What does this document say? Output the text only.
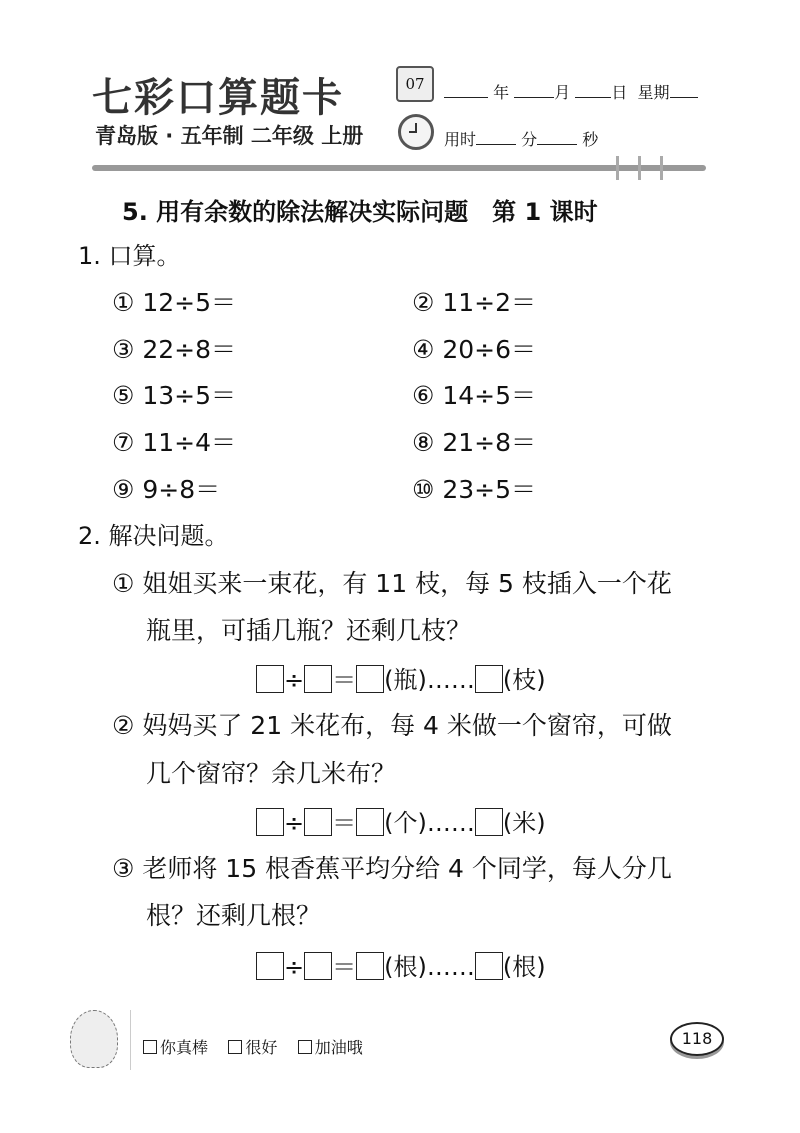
七彩口算题卡
青岛版 · 五年制 二年级 上册
07	年	月	日 星期
用时	分	秒
5. 用有余数的除法解决实际问题　第 1 课时
1. 口算。
① 12÷5＝	② 11÷2＝
③ 22÷8＝	④ 20÷6＝
⑤ 13÷5＝	⑥ 14÷5＝
⑦ 11÷4＝	⑧ 21÷8＝
⑨ 9÷8＝	⑩ 23÷5＝
2. 解决问题。
① 姐姐买来一束花，有 11 枝，每 5 枝插入一个花
瓶里，可插几瓶？还剩几枝？
÷ ＝ (瓶)…… (枝)
② 妈妈买了 21 米花布，每 4 米做一个窗帘，可做
几个窗帘？余几米布？
÷ ＝ (个)…… (米)
③ 老师将 15 根香蕉平均分给 4 个同学，每人分几
根？还剩几根？
÷ ＝ (根)…… (根)
你真棒 很好 加油哦	118
